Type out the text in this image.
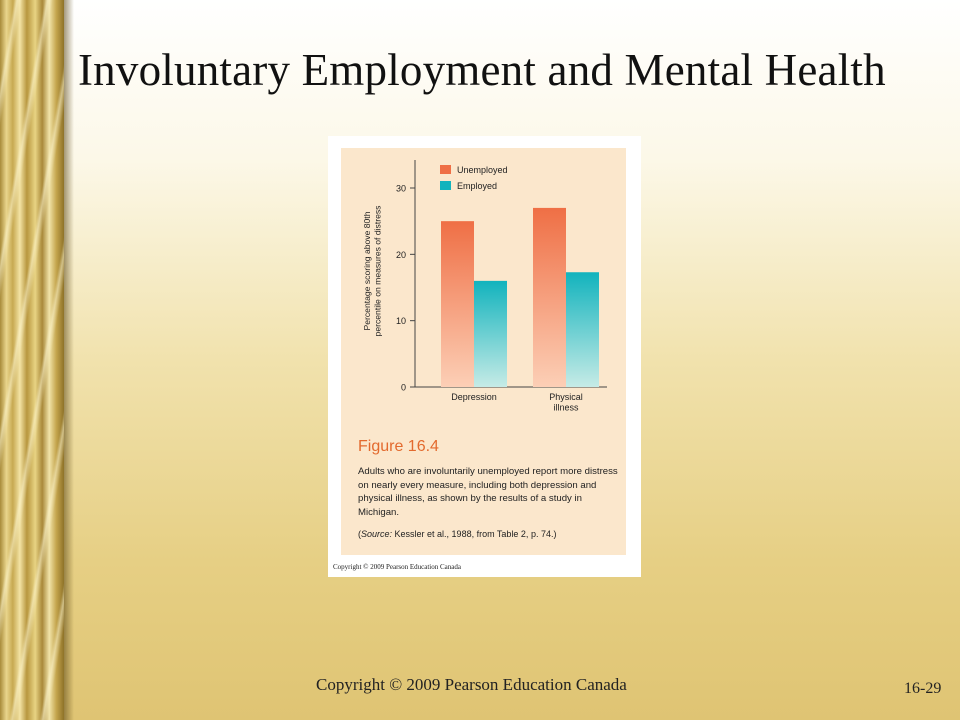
Involuntary Employment and Mental Health
Unemployed
Employed
0
10
20
30
Percentage scoring above 80thpercentile on measures of distress
Depression	Physical illness
Figure 16.4
Adults who are involuntarily unemployed report more distress on nearly every measure, including both depression and physical illness, as shown by the results of a study in Michigan.
(Source: Kessler et al., 1988, from Table 2, p. 74.)
Copyright © 2009 Pearson Education Canada
Copyright © 2009 Pearson Education Canada	16-29
